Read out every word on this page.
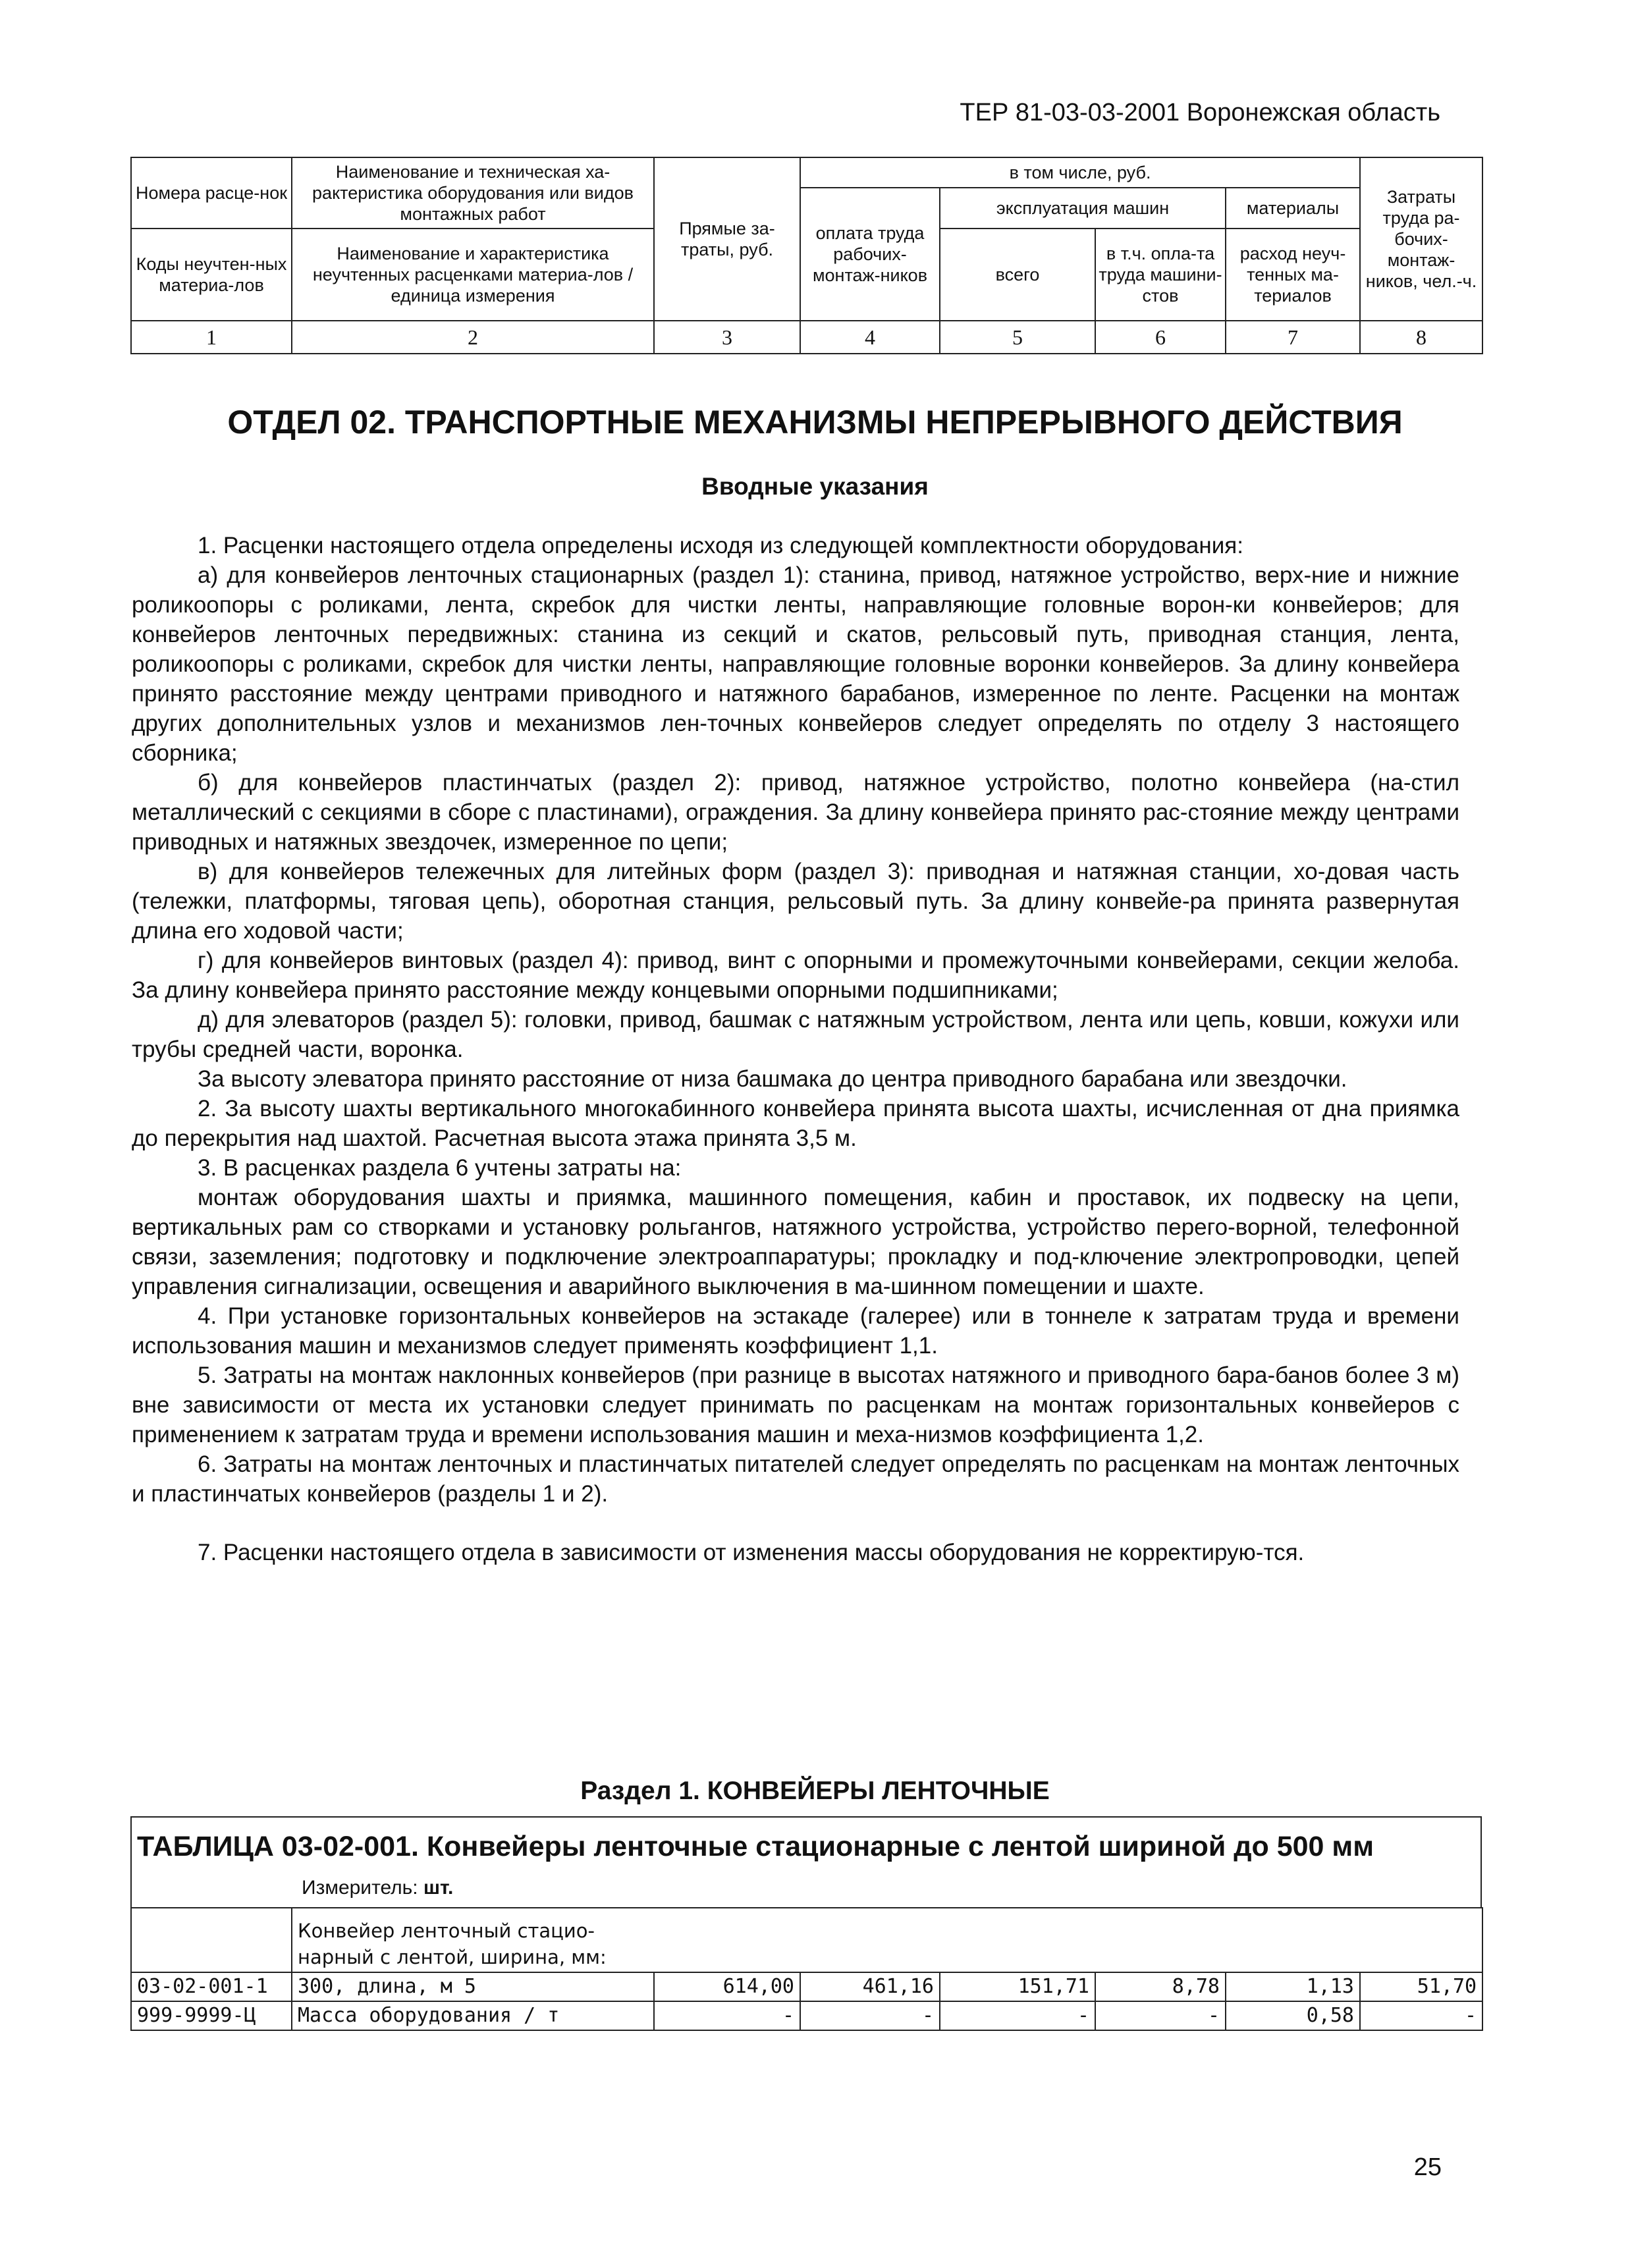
ТЕР 81-03-03-2001 Воронежская область
Номера расце-нок	Наименование и техническая ха-рактеристика оборудования или видов монтажных работ	Прямые за-траты, руб.	в том числе, руб.				Затраты труда ра-бочих-монтаж-ников, чел.-ч.
			оплата труда рабочих-монтаж-ников	эксплуатация машин		материалы	
Коды неучтен-ных материа-лов	Наименование и характеристика неучтенных расценками материа-лов / единица измерения			всего	в т.ч. опла-та труда машини-стов	расход неуч-тенных ма-териалов	
1	2	3	4	5	6	7	8
ОТДЕЛ 02. ТРАНСПОРТНЫЕ МЕХАНИЗМЫ НЕПРЕРЫВНОГО ДЕЙСТВИЯ
Вводные указания

1. Расценки настоящего отдела определены исходя из следующей комплектности оборудования:

а) для конвейеров ленточных стационарных (раздел 1): станина, привод, натяжное устройство, верх-ние и нижние роликоопоры с роликами, лента, скребок для чистки ленты, направляющие головные ворон-ки конвейеров; для конвейеров ленточных передвижных: станина из секций и скатов, рельсовый путь, приводная станция, лента, роликоопоры с роликами, скребок для чистки ленты, направляющие головные воронки конвейеров. За длину конвейера принято расстояние между центрами приводного и натяжного барабанов, измеренное по ленте. Расценки на монтаж других дополнительных узлов и механизмов лен-точных конвейеров следует определять по отделу 3 настоящего сборника;

б) для конвейеров пластинчатых (раздел 2): привод, натяжное устройство, полотно конвейера (на-стил металлический с секциями в сборе с пластинами), ограждения. За длину конвейера принято рас-стояние между центрами приводных и натяжных звездочек, измеренное по цепи;

в) для конвейеров тележечных для литейных форм (раздел 3): приводная и натяжная станции, хо-довая часть (тележки, платформы, тяговая цепь), оборотная станция, рельсовый путь. За длину конвейе-ра принята развернутая длина его ходовой части;

г) для конвейеров винтовых (раздел 4): привод, винт с опорными и промежуточными конвейерами, секции желоба. За длину конвейера принято расстояние между концевыми опорными подшипниками;

д) для элеваторов (раздел 5): головки, привод, башмак с натяжным устройством, лента или цепь, ковши, кожухи или трубы средней части, воронка.

За высоту элеватора принято расстояние от низа башмака до центра приводного барабана или звездочки.

2. За высоту шахты вертикального многокабинного конвейера принята высота шахты, исчисленная от дна приямка до перекрытия над шахтой. Расчетная высота этажа принята 3,5 м.

3. В расценках раздела 6 учтены затраты на:

монтаж оборудования шахты и приямка, машинного помещения, кабин и проставок, их подвеску на цепи, вертикальных рам со створками и установку рольгангов, натяжного устройства, устройство перего-ворной, телефонной связи, заземления; подготовку и подключение электроаппаратуры; прокладку и под-ключение электропроводки, цепей управления сигнализации, освещения и аварийного выключения в ма-шинном помещении и шахте.

4. При установке горизонтальных конвейеров на эстакаде (галерее) или в тоннеле к затратам труда и времени использования машин и механизмов следует применять коэффициент 1,1.

5. Затраты на монтаж наклонных конвейеров (при разнице в высотах натяжного и приводного бара-банов более 3 м) вне зависимости от места их установки следует принимать по расценкам на монтаж горизонтальных конвейеров с применением к затратам труда и времени использования машин и меха-низмов коэффициента 1,2.

6. Затраты на монтаж ленточных и пластинчатых питателей следует определять по расценкам на монтаж ленточных и пластинчатых конвейеров (разделы 1 и 2).

7. Расценки настоящего отдела в зависимости от изменения массы оборудования не корректирую-тся.

Раздел 1. КОНВЕЙЕРЫ ЛЕНТОЧНЫЕ
ТАБЛИЦА 03-02-001. Конвейеры ленточные стационарные с лентой шириной до 500 мм
Измеритель: шт.

	Конвейер ленточный стацио-нарный с лентой, ширина, мм:						

03-02-001-1	300, длина, м 5	614,00	461,16	151,71	8,78	1,13	51,70
999-9999-Ц	Масса оборудования / т	-	-	-	-	0,58	-
25
